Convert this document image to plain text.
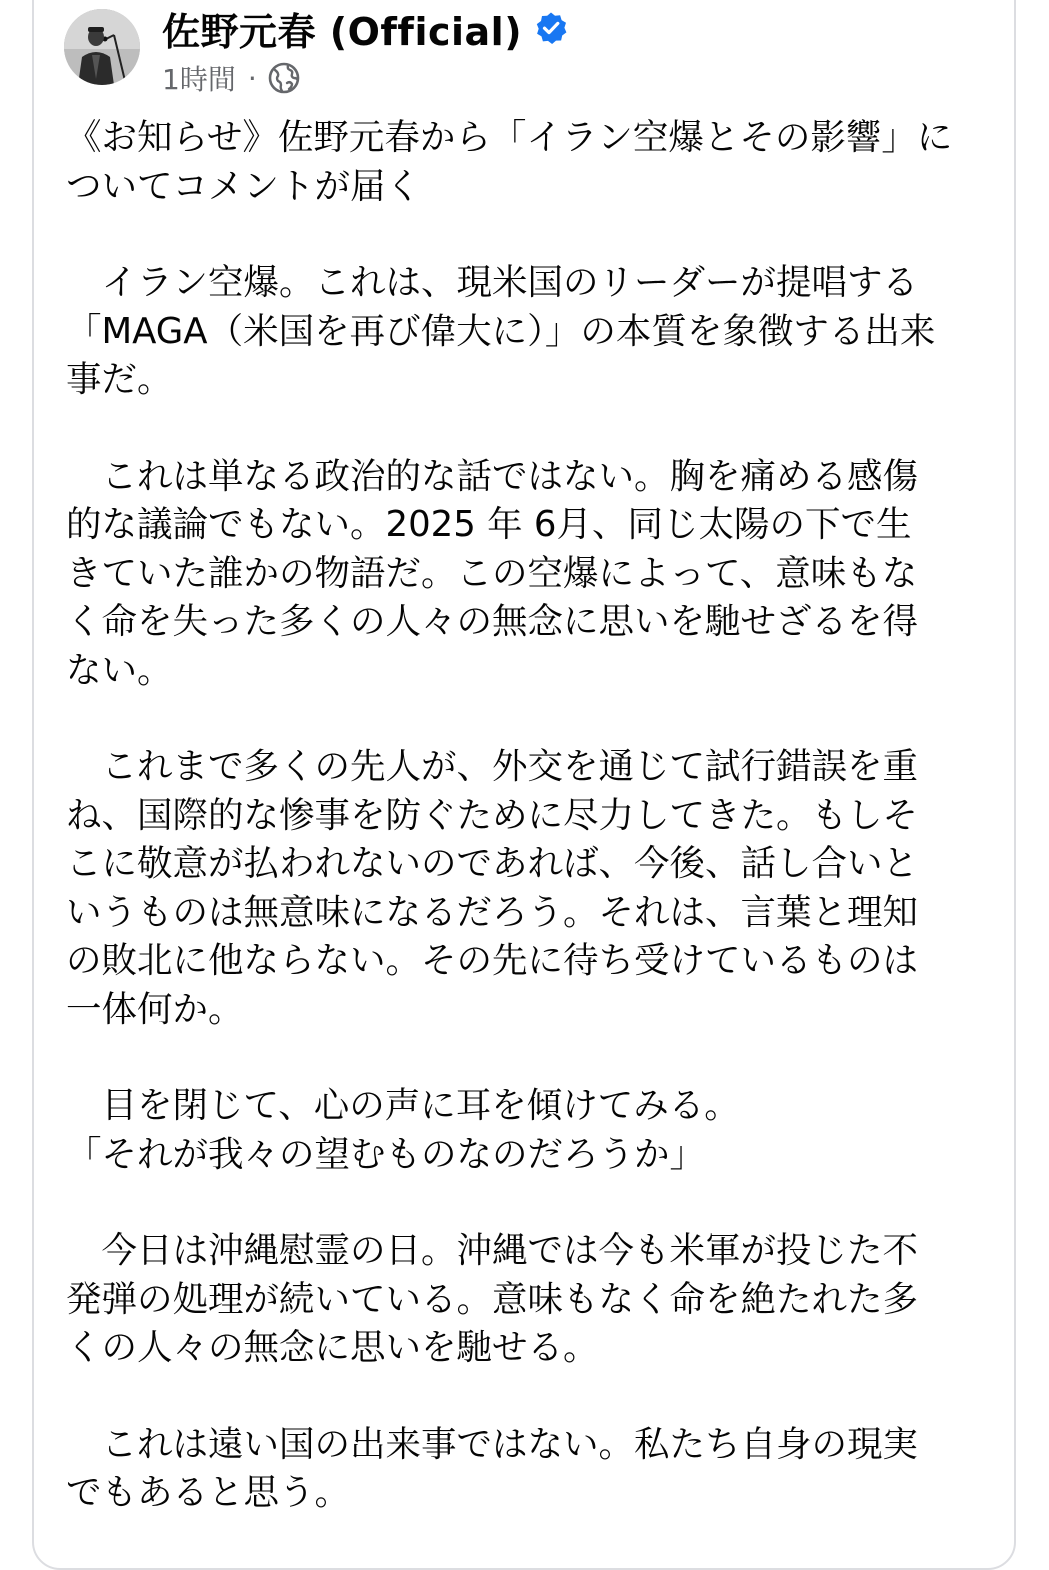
佐野元春 (Official)
1時間 ·

《お知らせ》佐野元春から「イラン空爆とその影響」に

ついてコメントが届く

　イラン空爆。これは、現米国のリーダーが提唱する

「MAGA（米国を再び偉大に）」の本質を象徴する出来

事だ。

　これは単なる政治的な話ではない。胸を痛める感傷

的な議論でもない。2025 年 6月、同じ太陽の下で生

きていた誰かの物語だ。この空爆によって、意味もな

く命を失った多くの人々の無念に思いを馳せざるを得

ない。

　これまで多くの先人が、外交を通じて試行錯誤を重

ね、国際的な惨事を防ぐために尽力してきた。もしそ

こに敬意が払われないのであれば、今後、話し合いと

いうものは無意味になるだろう。それは、言葉と理知

の敗北に他ならない。その先に待ち受けているものは

一体何か。

　目を閉じて、心の声に耳を傾けてみる。

「それが我々の望むものなのだろうか」

　今日は沖縄慰霊の日。沖縄では今も米軍が投じた不

発弾の処理が続いている。意味もなく命を絶たれた多

くの人々の無念に思いを馳せる。

　これは遠い国の出来事ではない。私たち自身の現実

でもあると思う。
